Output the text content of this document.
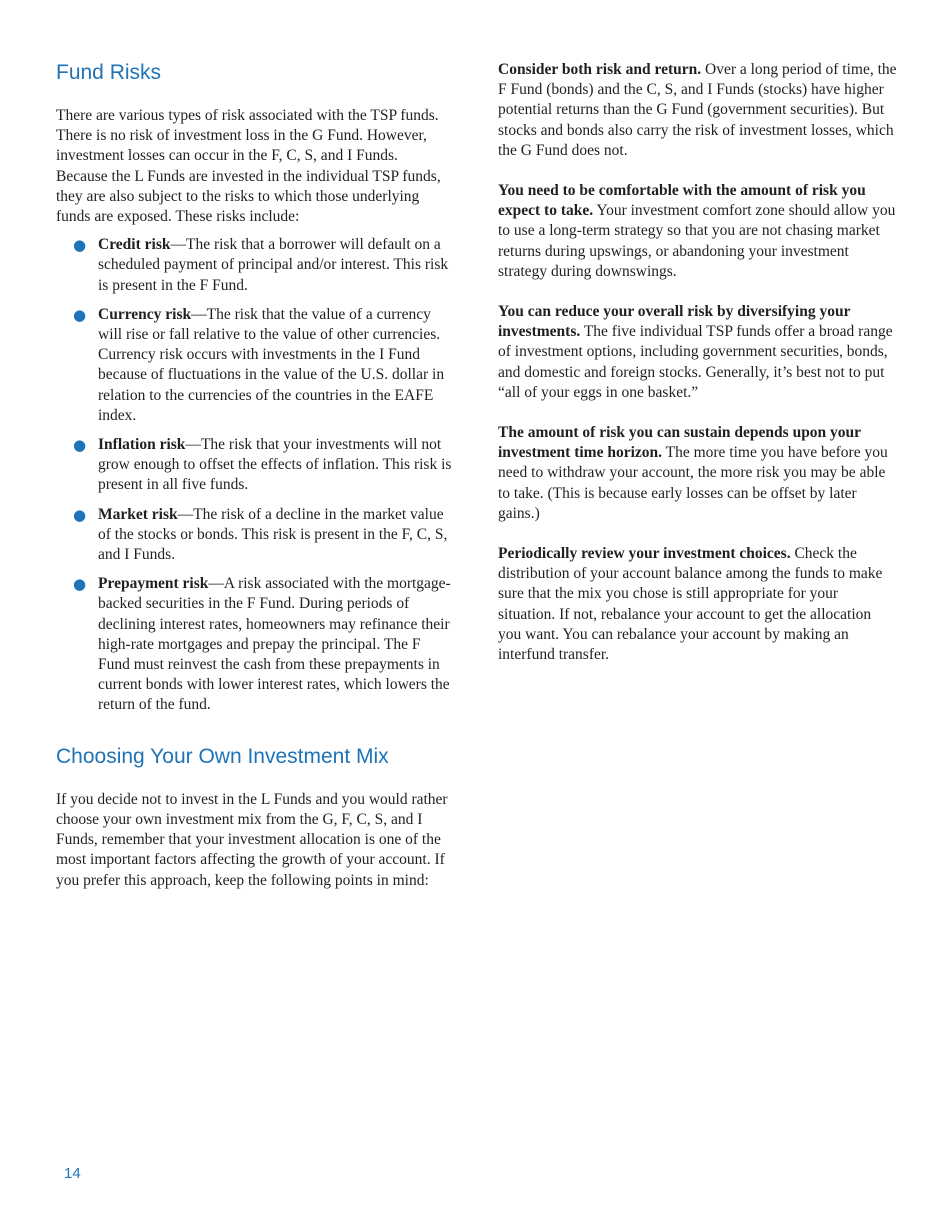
Fund Risks

There are various types of risk associated with the TSP funds. There is no risk of investment loss in the G Fund. However, investment losses can occur in the F, C, S, and I Funds. Because the L Funds are invested in the individual TSP funds, they are also subject to the risks to which those underlying funds are exposed. These risks include:

● Credit risk—The risk that a borrower will default on a scheduled payment of principal and/or interest. This risk is present in the F Fund.
● Currency risk—The risk that the value of a currency will rise or fall relative to the value of other currencies. Currency risk occurs with investments in the I Fund because of fluctuations in the value of the U.S. dollar in relation to the currencies of the countries in the EAFE index.
● Inflation risk—The risk that your investments will not grow enough to offset the effects of inflation. This risk is present in all five funds.
● Market risk—The risk of a decline in the market value of the stocks or bonds. This risk is present in the F, C, S, and I Funds.
● Prepayment risk—A risk associated with the mortgage-backed securities in the F Fund. During periods of declining interest rates, homeowners may refinance their high-rate mortgages and prepay the principal. The F Fund must reinvest the cash from these prepayments in current bonds with lower interest rates, which lowers the return of the fund.
Choosing Your Own Investment Mix

If you decide not to invest in the L Funds and you would rather choose your own investment mix from the G, F, C, S, and I Funds, remember that your investment allocation is one of the most important factors affecting the growth of your account. If you prefer this approach, keep the following points in mind:

Consider both risk and return. Over a long period of time, the F Fund (bonds) and the C, S, and I Funds (stocks) have higher potential returns than the G Fund (government securities). But stocks and bonds also carry the risk of investment losses, which the G Fund does not.

You need to be comfortable with the amount of risk you expect to take. Your investment comfort zone should allow you to use a long-term strategy so that you are not chasing market returns during upswings, or abandoning your investment strategy during downswings.

You can reduce your overall risk by diversifying your investments. The five individual TSP funds offer a broad range of investment options, including government securities, bonds, and domestic and foreign stocks. Generally, it’s best not to put “all of your eggs in one basket.”

The amount of risk you can sustain depends upon your investment time horizon. The more time you have before you need to withdraw your account, the more risk you may be able to take. (This is because early losses can be offset by later gains.)

Periodically review your investment choices. Check the distribution of your account balance among the funds to make sure that the mix you chose is still appropriate for your situation. If not, rebalance your account to get the allocation you want. You can rebalance your account by making an interfund transfer.

14
